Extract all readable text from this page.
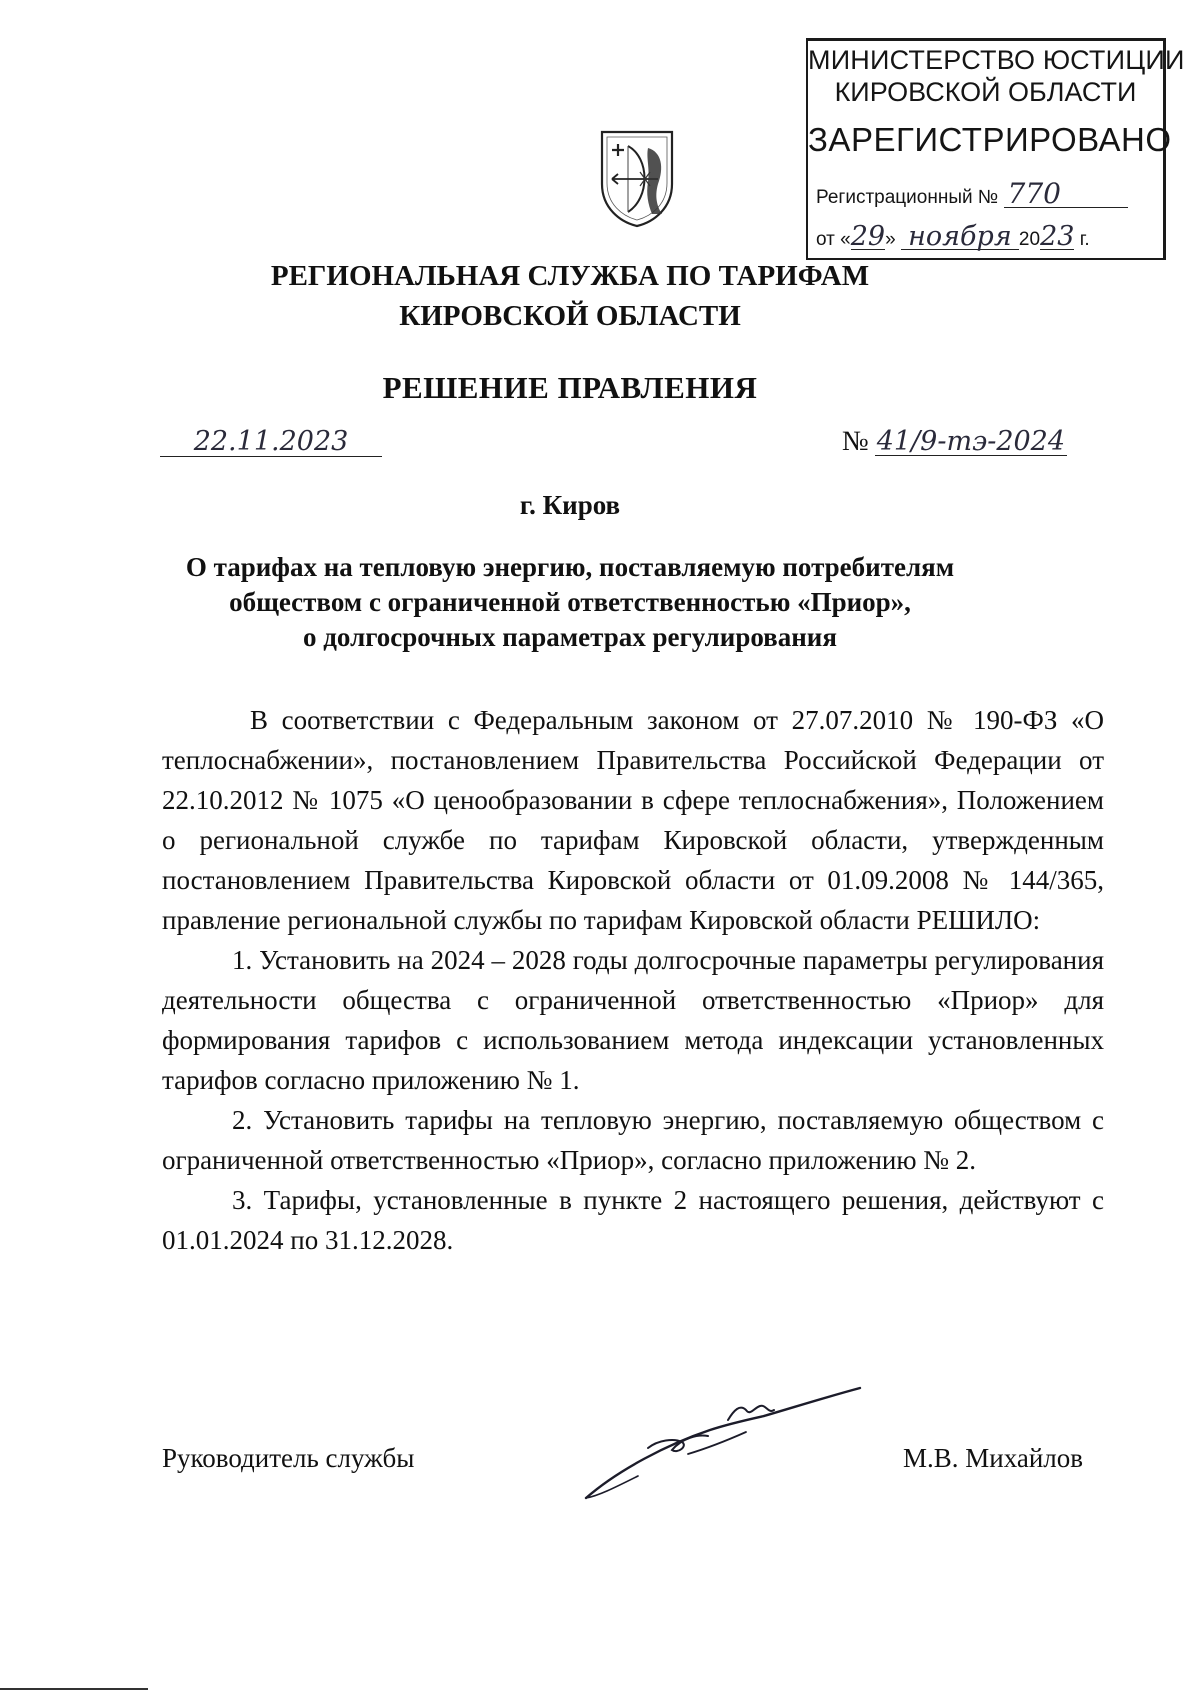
МИНИСТЕРСТВО ЮСТИЦИИ
КИРОВСКОЙ ОБЛАСТИ
ЗАРЕГИСТРИРОВАНО
Регистрационный № 770
от «29» ноября 2023 г.
РЕГИОНАЛЬНАЯ СЛУЖБА ПО ТАРИФАМ
КИРОВСКОЙ ОБЛАСТИ
РЕШЕНИЕ ПРАВЛЕНИЯ
22.11.2023	№ 41/9-тэ-2024
г. Киров
О тарифах на тепловую энергию, поставляемую потребителям
обществом с ограниченной ответственностью «Приор»,
о долгосрочных параметрах регулирования

В соответствии с Федеральным законом от 27.07.2010 № 190-ФЗ «О теплоснабжении», постановлением Правительства Российской Федерации от 22.10.2012 № 1075 «О ценообразовании в сфере теплоснабжения», Положением о региональной службе по тарифам Кировской области, утвержденным постановлением Правительства Кировской области от 01.09.2008 № 144/365, правление региональной службы по тарифам Кировской области РЕШИЛО:

1. Установить на 2024 – 2028 годы долгосрочные параметры регулирования деятельности общества с ограниченной ответственностью «Приор» для формирования тарифов с использованием метода индексации установленных тарифов согласно приложению № 1.

2. Установить тарифы на тепловую энергию, поставляемую обществом с ограниченной ответственностью «Приор», согласно приложению № 2.

3. Тарифы, установленные в пункте 2 настоящего решения, действуют с 01.01.2024 по 31.12.2028.

Руководитель службы	М.В. Михайлов
